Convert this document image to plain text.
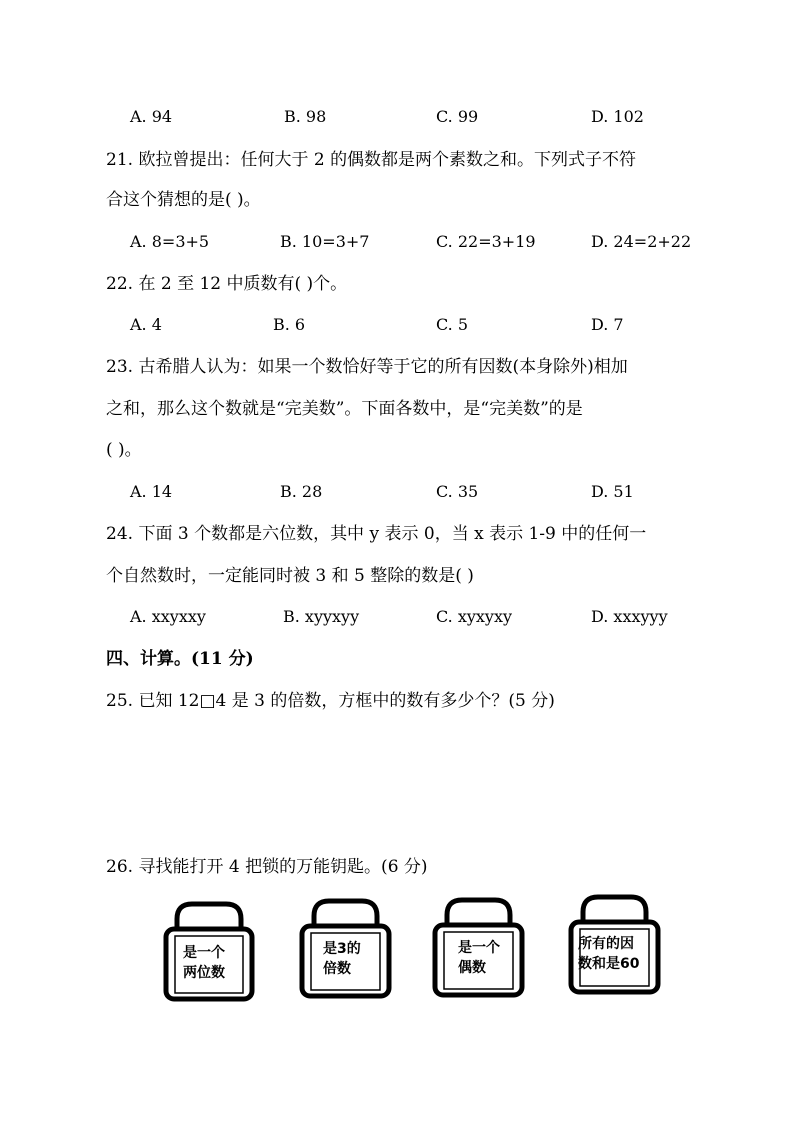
A. 94	B. 98	C. 99	D. 102
21. 欧拉曾提出：任何大于 2 的偶数都是两个素数之和。下列式子不符
合这个猜想的是( )。
A. 8=3+5	B. 10=3+7	C. 22=3+19	D. 24=2+22
22. 在 2 至 12 中质数有( )个。
A. 4	B. 6	C. 5	D. 7
23. 古希腊人认为：如果一个数恰好等于它的所有因数(本身除外)相加
之和，那么这个数就是“完美数”。下面各数中，是“完美数”的是
( )。
A. 14	B. 28	C. 35	D. 51
24. 下面 3 个数都是六位数，其中 y 表示 0，当 x 表示 1-9 中的任何一
个自然数时，一定能同时被 3 和 5 整除的数是( )
A. xxyxxy	B. xyyxyy	C. xyxyxy	D. xxxyyy
四、计算。(11 分)
25. 已知 12□4 是 3 的倍数，方框中的数有多少个？(5 分)
26. 寻找能打开 4 把锁的万能钥匙。(6 分)
是一个
两位数
是3的
倍数
是一个
偶数
所有的因
数和是60
